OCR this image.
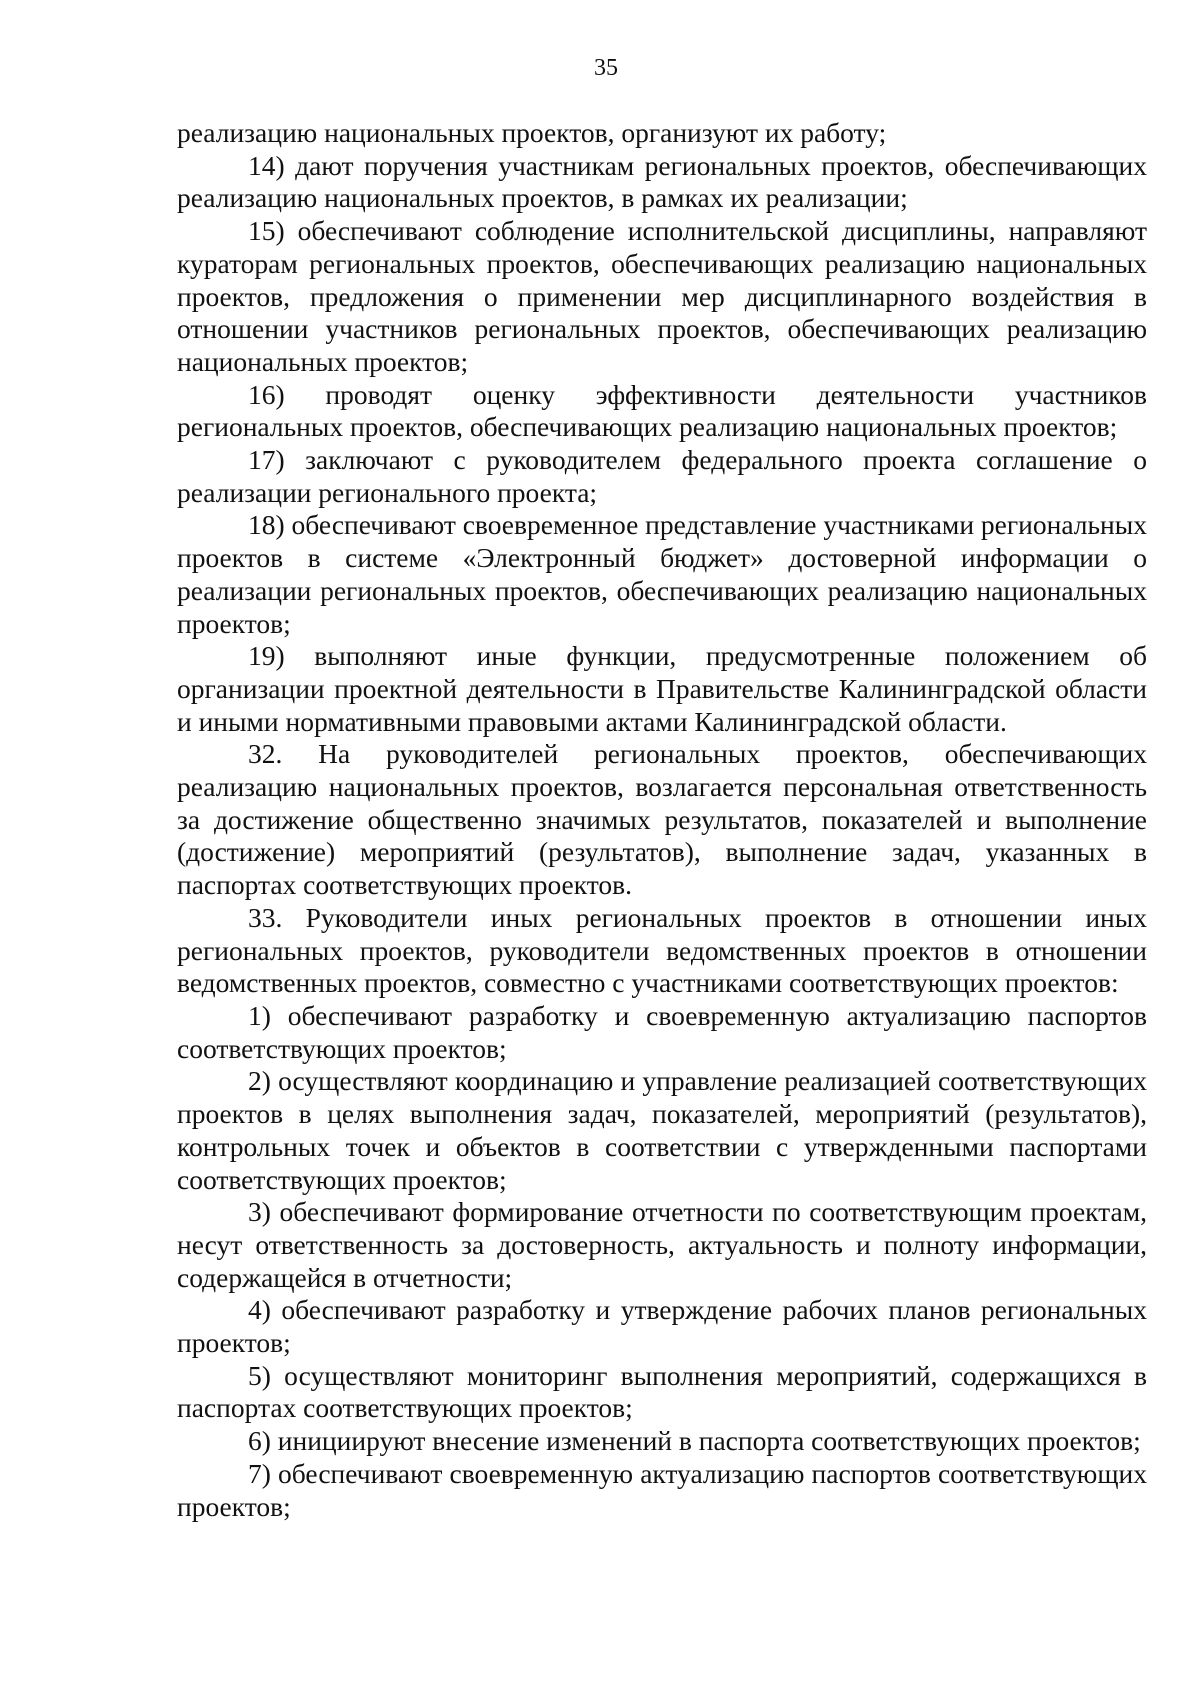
35

реализацию национальных проектов, организуют их работу;

14) дают поручения участникам региональных проектов, обеспечивающих реализацию национальных проектов, в рамках их реализации;

15) обеспечивают соблюдение исполнительской дисциплины, направляют кураторам региональных проектов, обеспечивающих реализацию национальных проектов, предложения о применении мер дисциплинарного воздействия в отношении участников региональных проектов, обеспечивающих реализацию национальных проектов;

16) проводят оценку эффективности деятельности участников региональных проектов, обеспечивающих реализацию национальных проектов;

17) заключают с руководителем федерального проекта соглашение о реализации регионального проекта;

18) обеспечивают своевременное представление участниками региональных проектов в системе «Электронный бюджет» достоверной информации о реализации региональных проектов, обеспечивающих реализацию национальных проектов;

19) выполняют иные функции, предусмотренные положением об организации проектной деятельности в Правительстве Калининградской области и иными нормативными правовыми актами Калининградской области.

32. На руководителей региональных проектов, обеспечивающих реализацию национальных проектов, возлагается персональная ответственность за достижение общественно значимых результатов, показателей и выполнение (достижение) мероприятий (результатов), выполнение задач, указанных в паспортах соответствующих проектов.

33. Руководители иных региональных проектов в отношении иных региональных проектов, руководители ведомственных проектов в отношении ведомственных проектов, совместно с участниками соответствующих проектов:

1) обеспечивают разработку и своевременную актуализацию паспортов соответствующих проектов;

2) осуществляют координацию и управление реализацией соответствующих проектов в целях выполнения задач, показателей, мероприятий (результатов), контрольных точек и объектов в соответствии с утвержденными паспортами соответствующих проектов;

3) обеспечивают формирование отчетности по соответствующим проектам, несут ответственность за достоверность, актуальность и полноту информации, содержащейся в отчетности;

4) обеспечивают разработку и утверждение рабочих планов региональных проектов;

5) осуществляют мониторинг выполнения мероприятий, содержащихся в паспортах соответствующих проектов;

6) инициируют внесение изменений в паспорта соответствующих проектов;

7) обеспечивают своевременную актуализацию паспортов соответствующих проектов;
